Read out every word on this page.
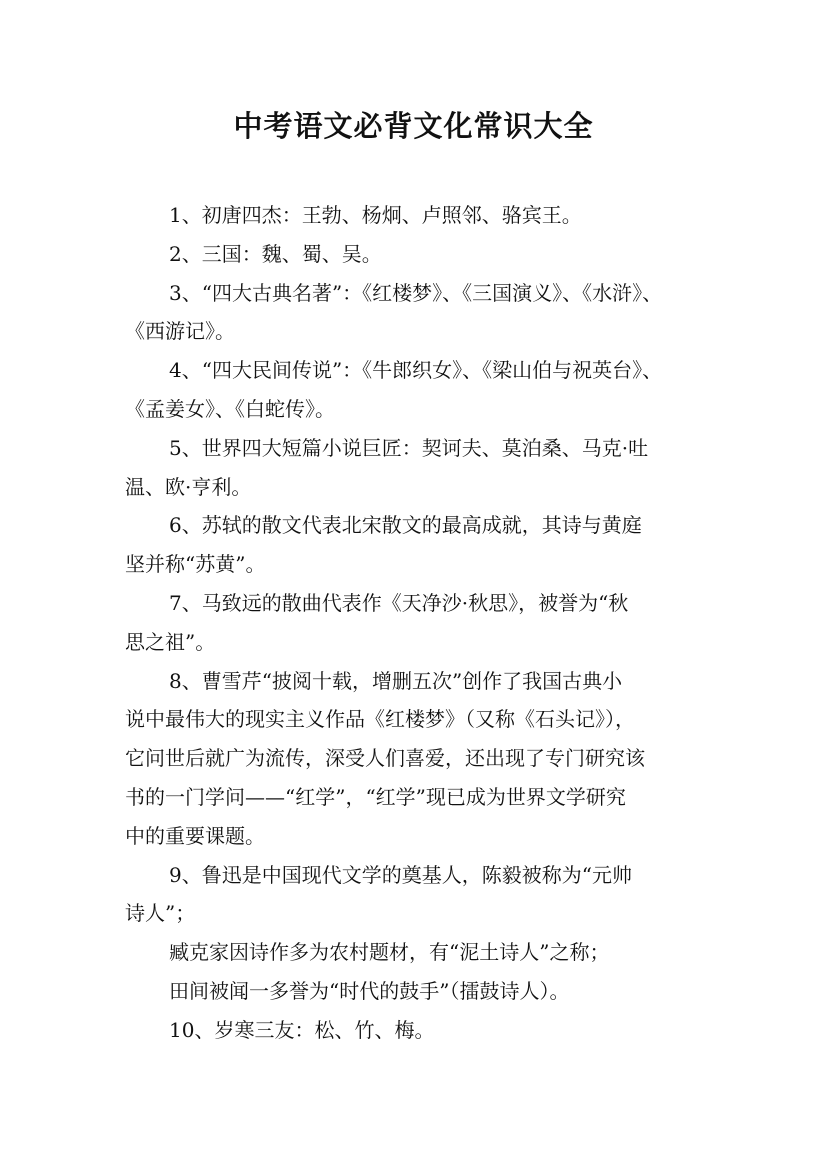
中考语文必背文化常识大全
1、初唐四杰：王勃、杨炯、卢照邻、骆宾王。
2、三国：魏、蜀、吴。
3、“四大古典名著”：《红楼梦》、《三国演义》、《水浒》、
《西游记》。
4、“四大民间传说”：《牛郎织女》、《梁山伯与祝英台》、
《孟姜女》、《白蛇传》。
5、世界四大短篇小说巨匠：契诃夫、莫泊桑、马克·吐
温、欧·亨利。
6、苏轼的散文代表北宋散文的最高成就，其诗与黄庭
坚并称“苏黄”。
7、马致远的散曲代表作《天净沙·秋思》，被誉为“秋
思之祖”。
8、曹雪芹“披阅十载，增删五次”创作了我国古典小
说中最伟大的现实主义作品《红楼梦》（又称《石头记》），
它问世后就广为流传，深受人们喜爱，还出现了专门研究该
书的一门学问——“红学”，“红学”现已成为世界文学研究
中的重要课题。
9、鲁迅是中国现代文学的奠基人，陈毅被称为“元帅
诗人”；
臧克家因诗作多为农村题材，有“泥土诗人”之称；
田间被闻一多誉为“时代的鼓手”（擂鼓诗人）。
10、岁寒三友：松、竹、梅。
